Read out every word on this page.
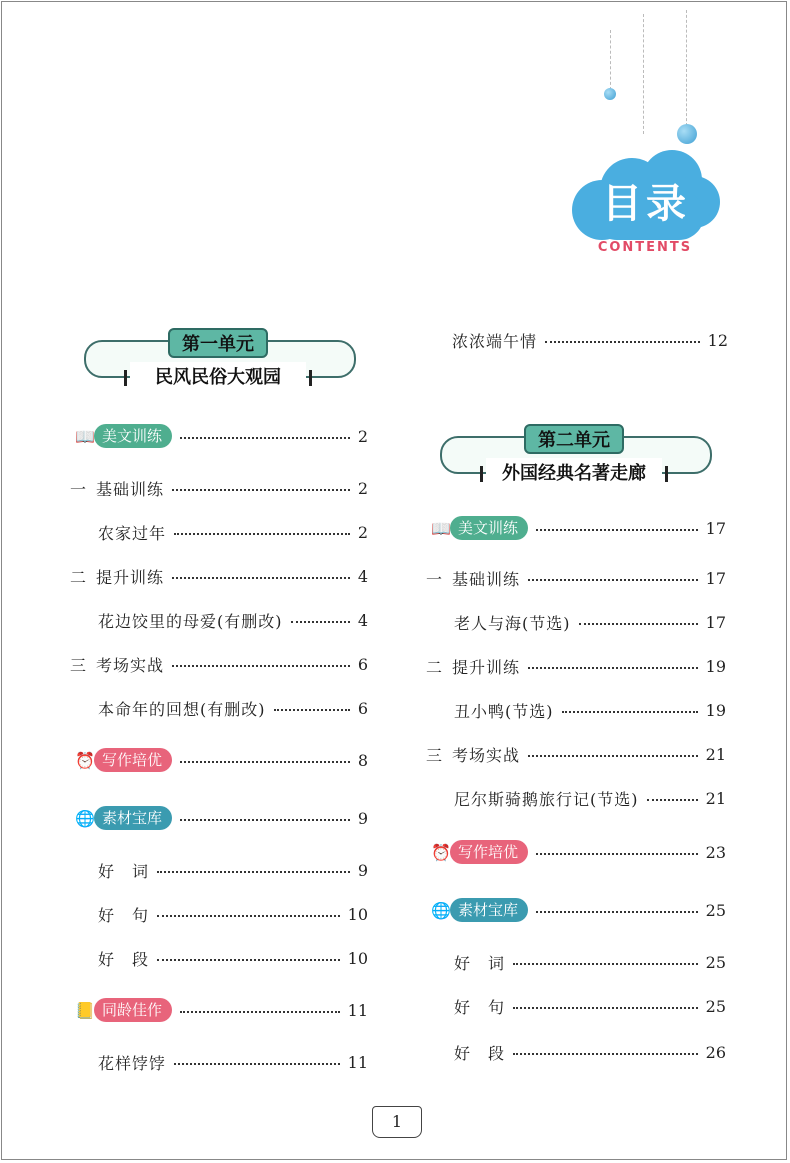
目录
CONTENTS
第一单元
民风民俗大观园
第二单元
外国经典名著走廊
浓浓端午情	12
📖 美文训练	2
一 基础训练	2
农家过年	2
二 提升训练	4
花边饺里的母爱(有删改)	4
三 考场实战	6
本命年的回想(有删改)	6
⏰ 写作培优	8
🌐 素材宝库	9
好　词	9
好　句	10
好　段	10
📒 同龄佳作	11
花样饽饽	11
📖 美文训练	17
一 基础训练	17
老人与海(节选)	17
二 提升训练	19
丑小鸭(节选)	19
三 考场实战	21
尼尔斯骑鹅旅行记(节选)	21
⏰ 写作培优	23
🌐 素材宝库	25
好　词	25
好　句	25
好　段	26
1
